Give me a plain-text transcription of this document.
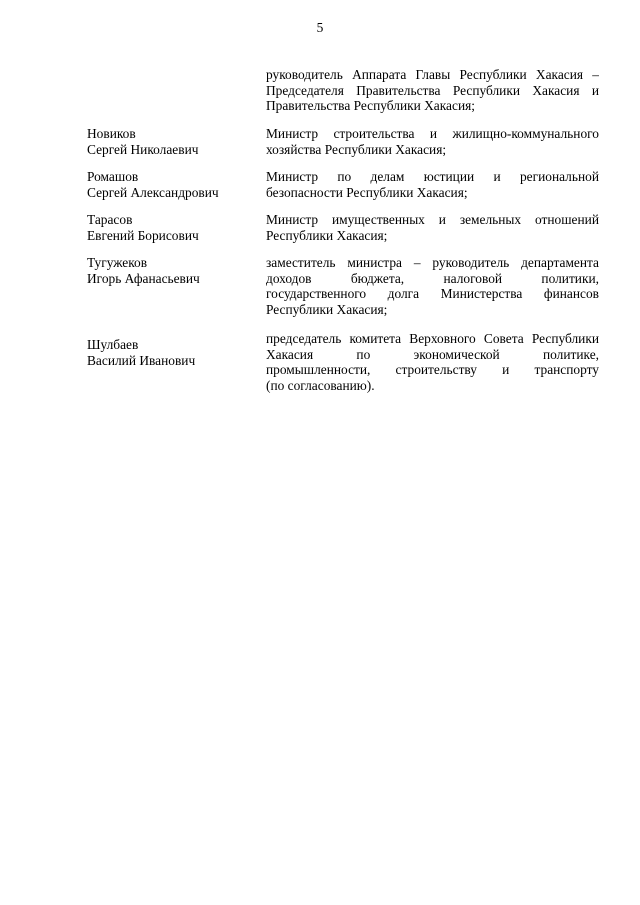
5
руководитель Аппарата Главы Республики Хакасия –
Председателя Правительства Республики Хакасия и
Правительства Республики Хакасия;
Новиков
Сергей Николаевич
Министр строительства и жилищно-коммунального
хозяйства Республики Хакасия;
Ромашов
Сергей Александрович
Министр по делам юстиции и региональной
безопасности Республики Хакасия;
Тарасов
Евгений Борисович
Министр имущественных и земельных отношений
Республики Хакасия;
Тугужеков
Игорь Афанасьевич
заместитель министра – руководитель департамента
доходов бюджета, налоговой политики,
государственного долга Министерства финансов
Республики Хакасия;
Шулбаев
Василий Иванович
председатель комитета Верховного Совета Республики
Хакасия по экономической политике,
промышленности, строительству и транспорту
(по согласованию).
